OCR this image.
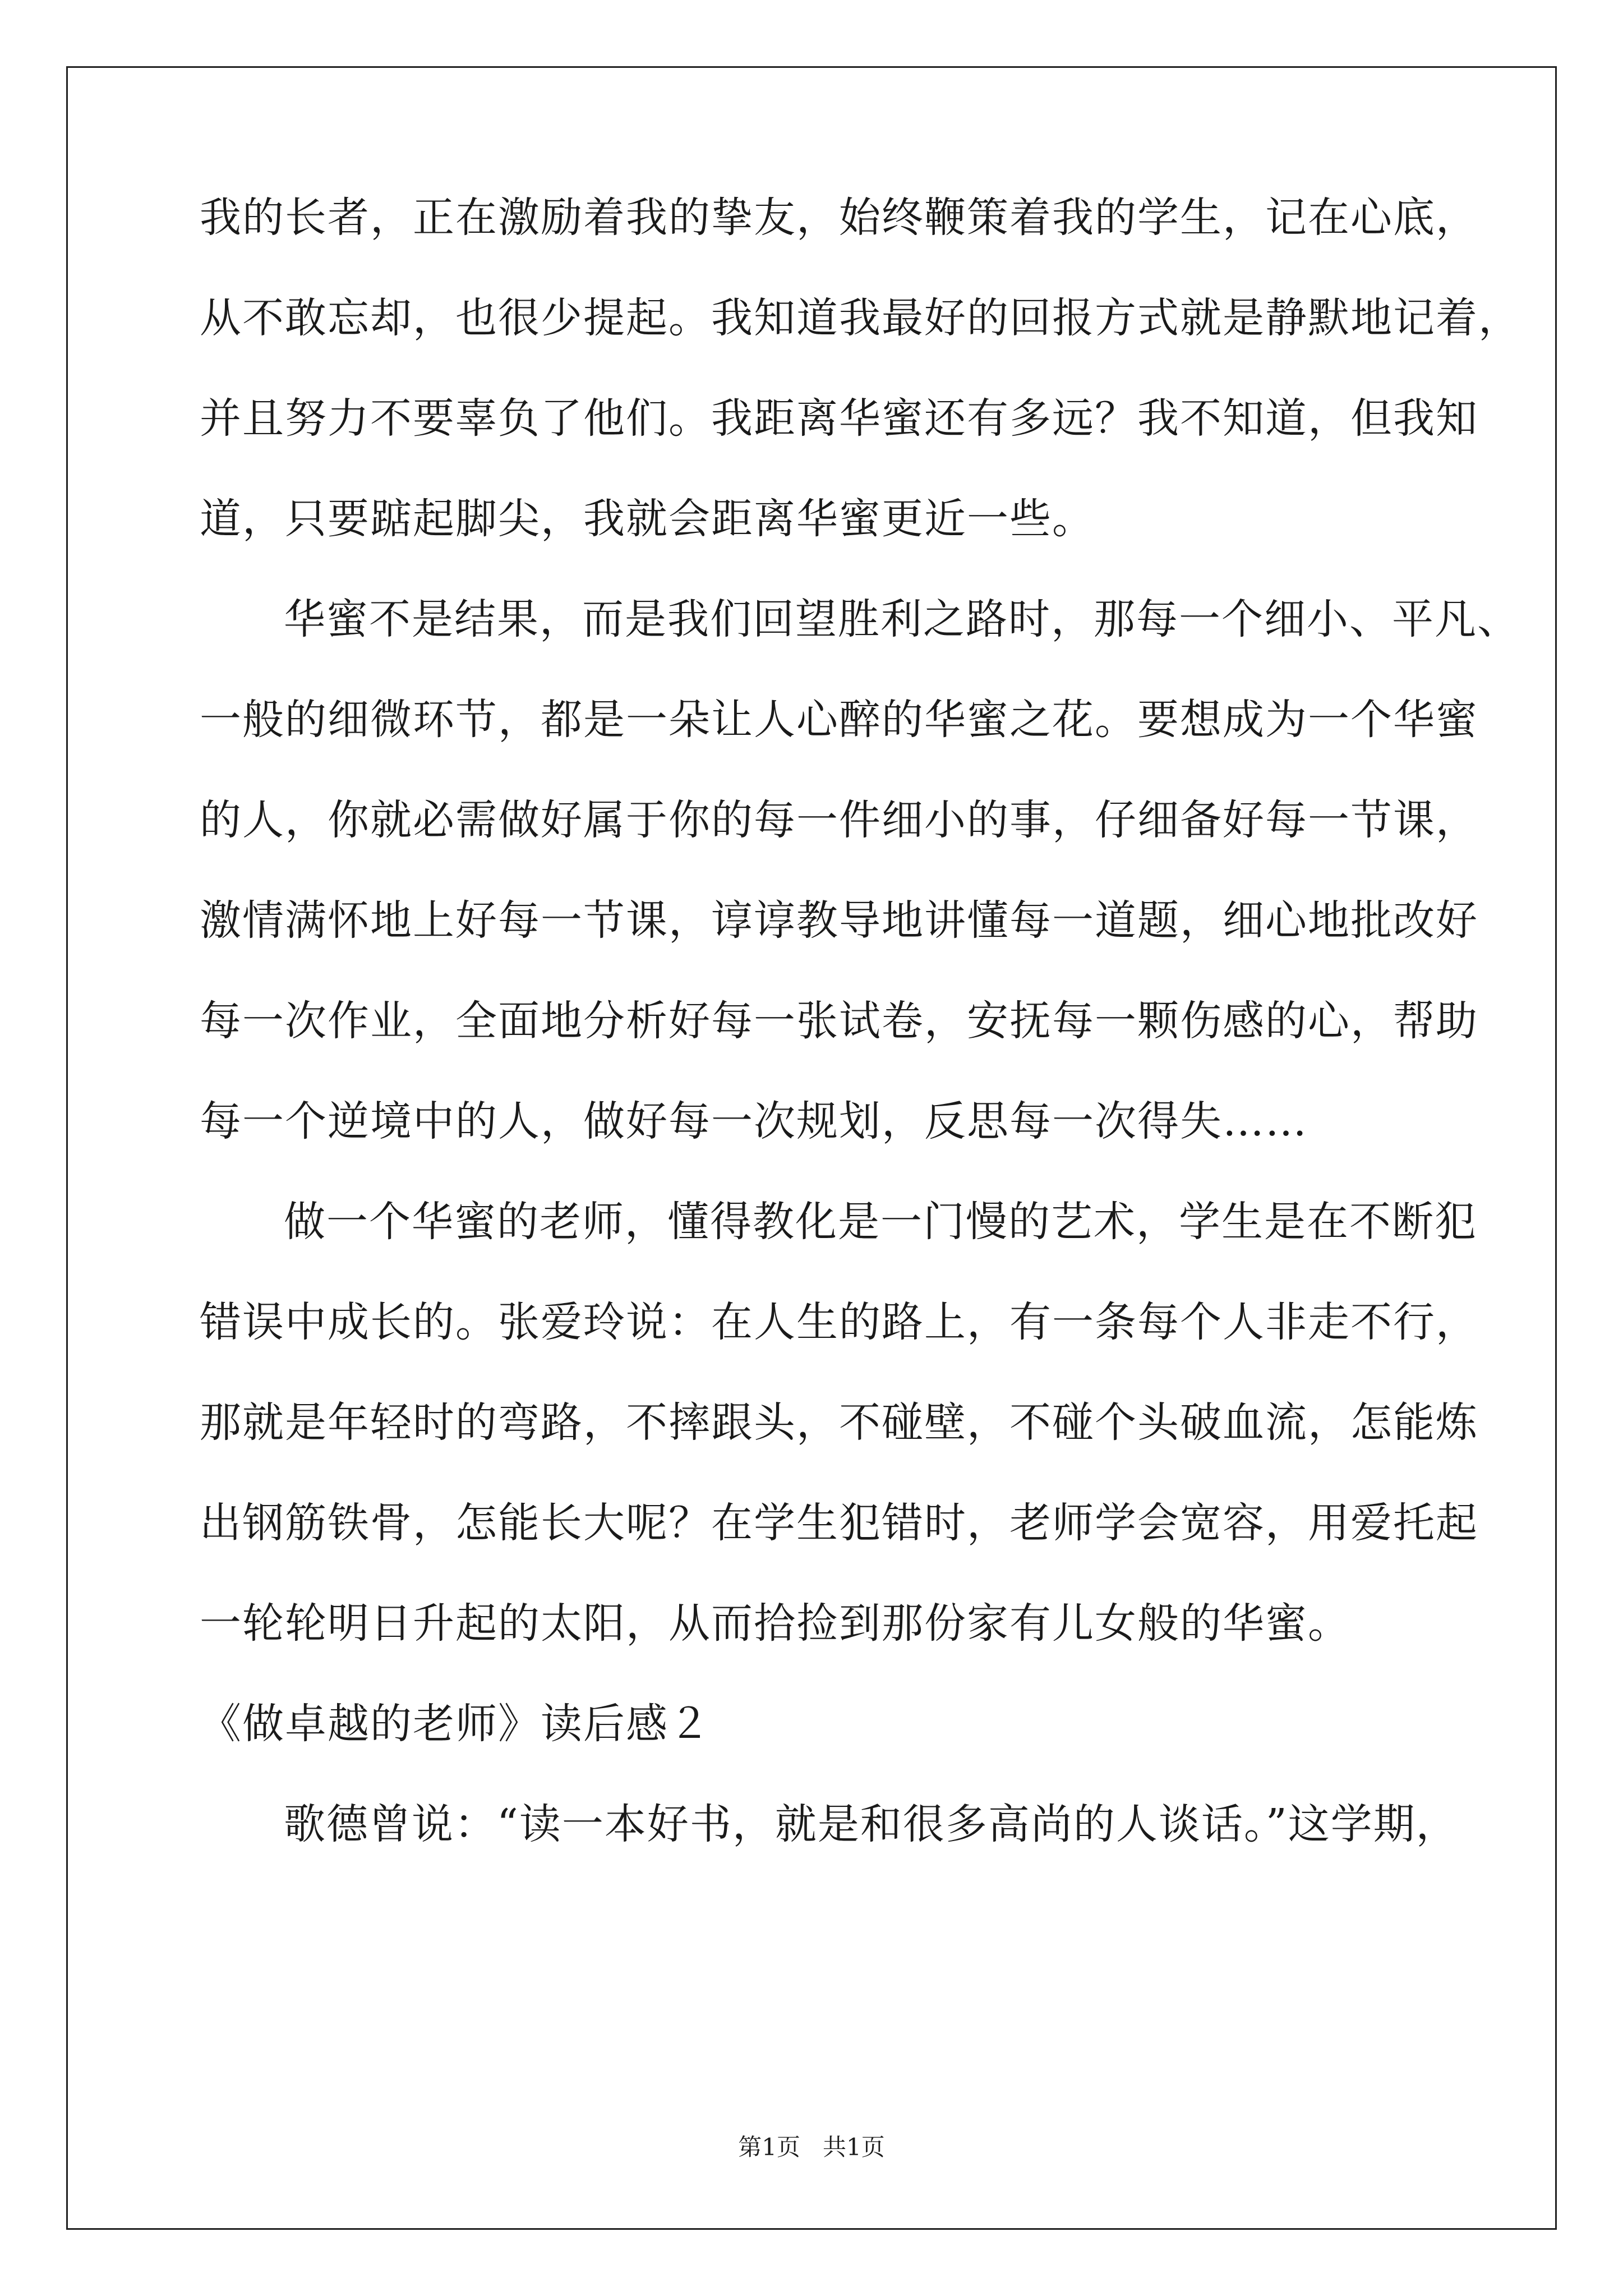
我的长者，正在激励着我的挚友，始终鞭策着我的学生，记在心底，
从不敢忘却，也很少提起。我知道我最好的回报方式就是静默地记着，
并且努力不要辜负了他们。我距离华蜜还有多远？我不知道，但我知
道，只要踮起脚尖，我就会距离华蜜更近一些。
华蜜不是结果，而是我们回望胜利之路时，那每一个细小、平凡、
一般的细微环节，都是一朵让人心醉的华蜜之花。要想成为一个华蜜
的人，你就必需做好属于你的每一件细小的事，仔细备好每一节课，
激情满怀地上好每一节课，谆谆教导地讲懂每一道题，细心地批改好
每一次作业，全面地分析好每一张试卷，安抚每一颗伤感的心，帮助
每一个逆境中的人，做好每一次规划，反思每一次得失……
做一个华蜜的老师，懂得教化是一门慢的艺术，学生是在不断犯
错误中成长的。张爱玲说：在人生的路上，有一条每个人非走不行，
那就是年轻时的弯路，不摔跟头，不碰壁，不碰个头破血流，怎能炼
出钢筋铁骨，怎能长大呢？在学生犯错时，老师学会宽容，用爱托起
一轮轮明日升起的太阳，从而拾捡到那份家有儿女般的华蜜。
《做卓越的老师》读后感２
歌德曾说：“读一本好书，就是和很多高尚的人谈话。”这学期，
第1页 共1页
